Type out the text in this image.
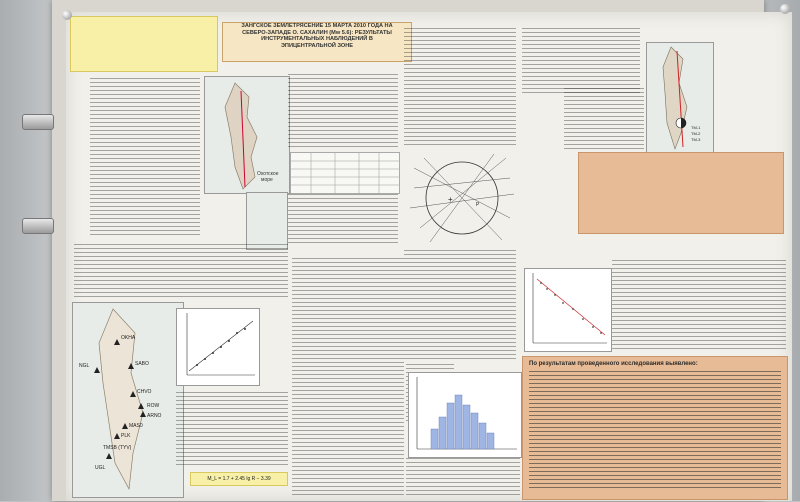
ЗАНГСКОЕ ЗЕМЛЕТРЯСЕНИЕ 15 МАРТА 2010 ГОДА НА
СЕВЕРО-ЗАПАДЕ О. САХАЛИН (Mw 5.6): РЕЗУЛЬТАТЫ
ИНСТРУМЕНТАЛЬНЫХ НАБЛЮДЕНИЙ В
ЭПИЦЕНТРАЛЬНОЙ ЗОНЕ
Охотское
море
+
P
ТМ-1
ТМ-2
ТМ-3
OKHA
NGL	SABO
CHVO
ROW
ARNO
MAS0
PLK
TMSB (TYV)
UGL
M_L = 1.7 + 2.45 lg R − 3.39
По результатам проведенного исследования выявлено:
